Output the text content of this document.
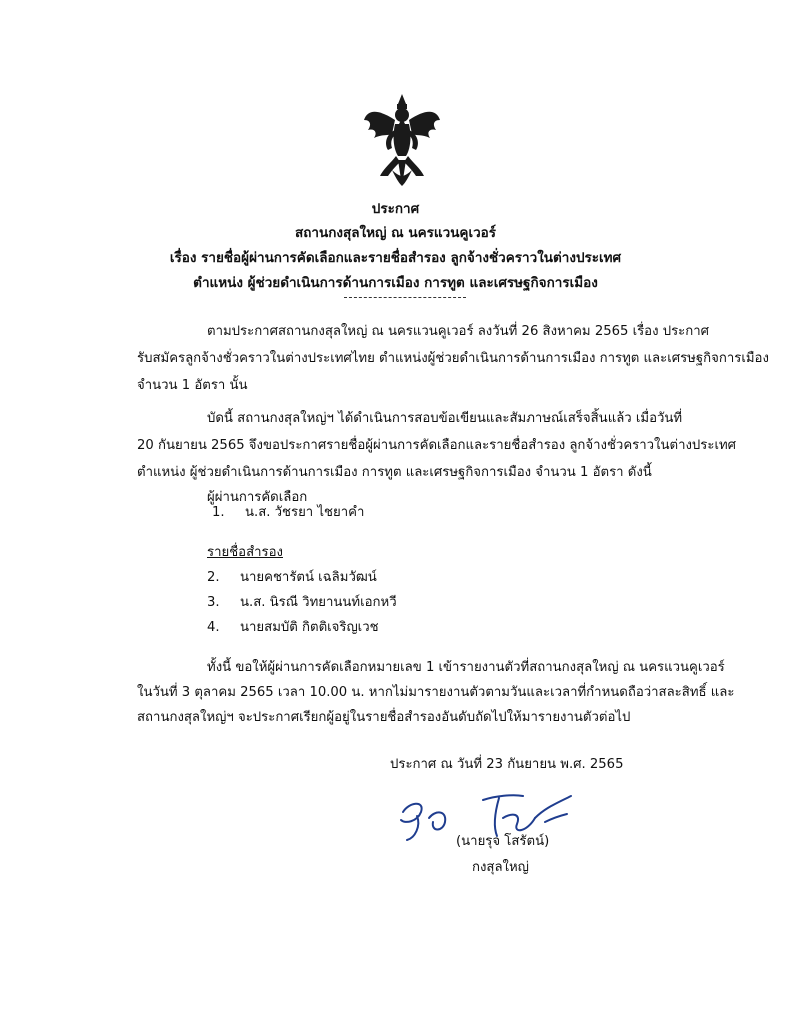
ประกาศ
สถานกงสุลใหญ่ ณ นครแวนคูเวอร์
เรื่อง รายชื่อผู้ผ่านการคัดเลือกและรายชื่อสำรอง ลูกจ้างชั่วคราวในต่างประเทศ
ตำแหน่ง ผู้ช่วยดำเนินการด้านการเมือง การทูต และเศรษฐกิจการเมือง
ตามประกาศสถานกงสุลใหญ่ ณ นครแวนคูเวอร์ ลงวันที่ 26 สิงหาคม 2565 เรื่อง ประกาศ
รับสมัครลูกจ้างชั่วคราวในต่างประเทศไทย ตำแหน่งผู้ช่วยดำเนินการด้านการเมือง การทูต และเศรษฐกิจการเมือง
จำนวน 1 อัตรา นั้น
บัดนี้ สถานกงสุลใหญ่ฯ ได้ดำเนินการสอบข้อเขียนและสัมภาษณ์เสร็จสิ้นแล้ว เมื่อวันที่
20 กันยายน 2565 จึงขอประกาศรายชื่อผู้ผ่านการคัดเลือกและรายชื่อสำรอง ลูกจ้างชั่วคราวในต่างประเทศ
ตำแหน่ง ผู้ช่วยดำเนินการด้านการเมือง การทูต และเศรษฐกิจการเมือง จำนวน 1 อัตรา ดังนี้
ผู้ผ่านการคัดเลือก
1. น.ส. วัชรยา ไชยาคำ
รายชื่อสำรอง
2. นายคชารัตน์ เฉลิมวัฒน์
3. น.ส. นิรณี วิทยานนท์เอกหวี
4. นายสมบัติ กิตติเจริญเวช
ทั้งนี้ ขอให้ผู้ผ่านการคัดเลือกหมายเลข 1 เข้ารายงานตัวที่สถานกงสุลใหญ่ ณ นครแวนคูเวอร์
ในวันที่ 3 ตุลาคม 2565 เวลา 10.00 น. หากไม่มารายงานตัวตามวันและเวลาที่กำหนดถือว่าสละสิทธิ์ และ
สถานกงสุลใหญ่ฯ จะประกาศเรียกผู้อยู่ในรายชื่อสำรองอันดับถัดไปให้มารายงานตัวต่อไป
ประกาศ ณ วันที่ 23 กันยายน พ.ศ. 2565
(นายรุจ โสรัตน์)
กงสุลใหญ่
